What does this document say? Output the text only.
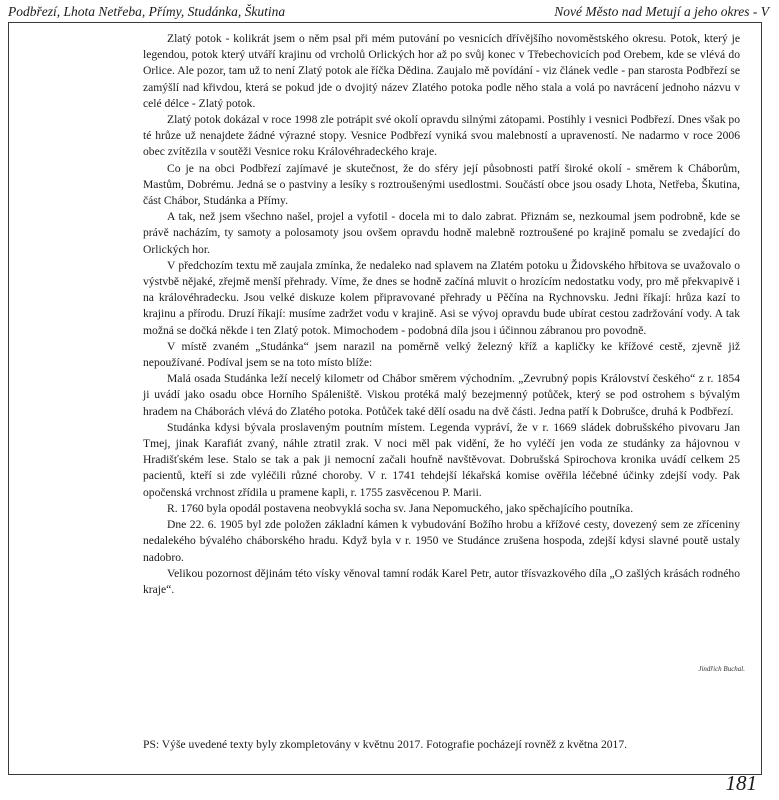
Podbřezí, Lhota Netřeba, Přímy, Studánka, Škutina	Nové Město nad Metují a jeho okres - V

Zlatý potok - kolikrát jsem o něm psal při mém putování po vesnicích dřívějšího novoměstského okresu. Potok, který je legendou, potok který utváří krajinu od vrcholů Orlických hor až po svůj konec v Třebechovicích pod Orebem, kde se vlévá do Orlice. Ale pozor, tam už to není Zlatý potok ale říčka Dědina. Zaujalo mě povídání - viz článek vedle - pan starosta Podbřezí se zamýšlí nad křivdou, která se pokud jde o dvojitý název Zlatého potoka podle něho stala a volá po navrácení jednoho názvu v celé délce - Zlatý potok.

Zlatý potok dokázal v roce 1998 zle potrápit své okolí opravdu silnými zátopami. Postihly i vesnici Podbřezí. Dnes však po té hrůze už nenajdete žádné výrazné stopy. Vesnice Podbřezí vyniká svou malebností a upraveností. Ne nadarmo v roce 2006 obec zvítězila v soutěži Vesnice roku Královéhradeckého kraje.

Co je na obci Podbřezí zajímavé je skutečnost, že do sféry její působnosti patří široké okolí - směrem k Cháborům, Mastům, Dobrému. Jedná se o pastviny a lesíky s roztroušenými usedlostmi. Součástí obce jsou osady Lhota, Netřeba, Škutina, část Chábor, Studánka a Přímy.

A tak, než jsem všechno našel, projel a vyfotil - docela mi to dalo zabrat. Přiznám se, nezkoumal jsem podrobně, kde se právě nacházím, ty samoty a polosamoty jsou ovšem opravdu hodně malebně roztroušené po krajině pomalu se zvedající do Orlických hor.

V předchozím textu mě zaujala zmínka, že nedaleko nad splavem na Zlatém potoku u Židovského hřbitova se uvažovalo o výstvbě nějaké, zřejmě menší přehrady. Víme, že dnes se hodně začíná mluvit o hrozícím nedostatku vody, pro mě překvapivě i na královéhradecku. Jsou velké diskuze kolem připravované přehrady u Pěčína na Rychnovsku. Jedni říkají: hrůza kazí to krajinu a přírodu. Druzí říkají: musíme zadržet vodu v krajině. Asi se vývoj opravdu bude ubírat cestou zadržování vody. A tak možná se dočká někde i ten Zlatý potok. Mimochodem - podobná díla jsou i účinnou zábranou pro povodně.

V místě zvaném „Studánka“ jsem narazil na poměrně velký železný kříž a kapličky ke křížové cestě, zjevně již nepoužívané. Podíval jsem se na toto místo blíže:

Malá osada Studánka leží necelý kilometr od Chábor směrem východním. „Zevrubný popis Království českého“ z r. 1854 ji uvádí jako osadu obce Horního Spáleniště. Viskou protéká malý bezejmenný potůček, který se pod ostrohem s bývalým hradem na Cháborách vlévá do Zlatého potoka. Potůček také dělí osadu na dvě části. Jedna patří k Dobrušce, druhá k Podbřezí.

Studánka kdysi bývala proslaveným poutním místem. Legenda vypráví, že v r. 1669 sládek dobrušského pivovaru Jan Tmej, jinak Karafiát zvaný, náhle ztratil zrak. V noci měl pak vidění, že ho vyléčí jen voda ze studánky za hájovnou v Hradišťském lese. Stalo se tak a pak ji nemocní začali houfně navštěvovat. Dobrušská Spirochova kronika uvádí celkem 25 pacientů, kteří si zde vyléčili různé choroby. V r. 1741 tehdejší lékařská komise ověřila léčebné účinky zdejší vody. Pak opočenská vrchnost zřídila u pramene kapli, r. 1755 zasvěcenou P. Marii.

R. 1760 byla opodál postavena neobvyklá socha sv. Jana Nepomuckého, jako spěchajícího poutníka.

Dne 22. 6. 1905 byl zde položen základní kámen k vybudování Božího hrobu a křížové cesty, dovezený sem ze zříceniny nedalekého bývalého cháborského hradu. Když byla v r. 1950 ve Studánce zrušena hospoda, zdejší kdysi slavné poutě ustaly nadobro.

Velikou pozornost dějinám této vísky věnoval tamní rodák Karel Petr, autor třísvazkového díla „O zašlých krásách rodného kraje“.

Jindřich Buchal.
PS: Výše uvedené texty byly zkompletovány v květnu 2017. Fotografie pocházejí rovněž z května 2017.
181
